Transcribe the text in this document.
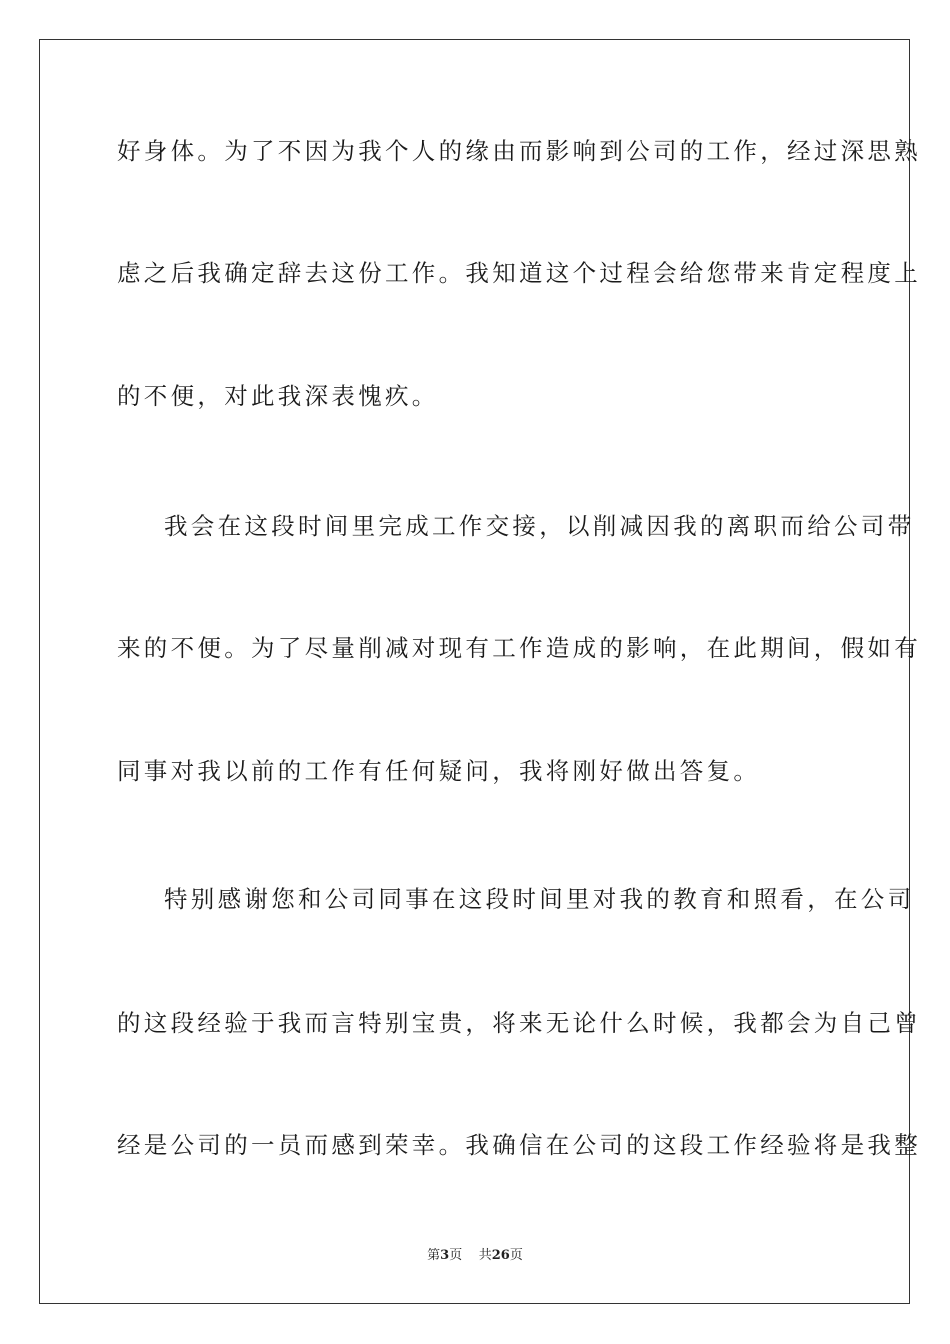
好身体。为了不因为我个人的缘由而影响到公司的工作，经过深思熟
虑之后我确定辞去这份工作。我知道这个过程会给您带来肯定程度上
的不便，对此我深表愧疚。
我会在这段时间里完成工作交接，以削减因我的离职而给公司带
来的不便。为了尽量削减对现有工作造成的影响，在此期间，假如有
同事对我以前的工作有任何疑问，我将刚好做出答复。
特别感谢您和公司同事在这段时间里对我的教育和照看，在公司
的这段经验于我而言特别宝贵，将来无论什么时候，我都会为自己曾
经是公司的一员而感到荣幸。我确信在公司的这段工作经验将是我整
第3页 共26页
